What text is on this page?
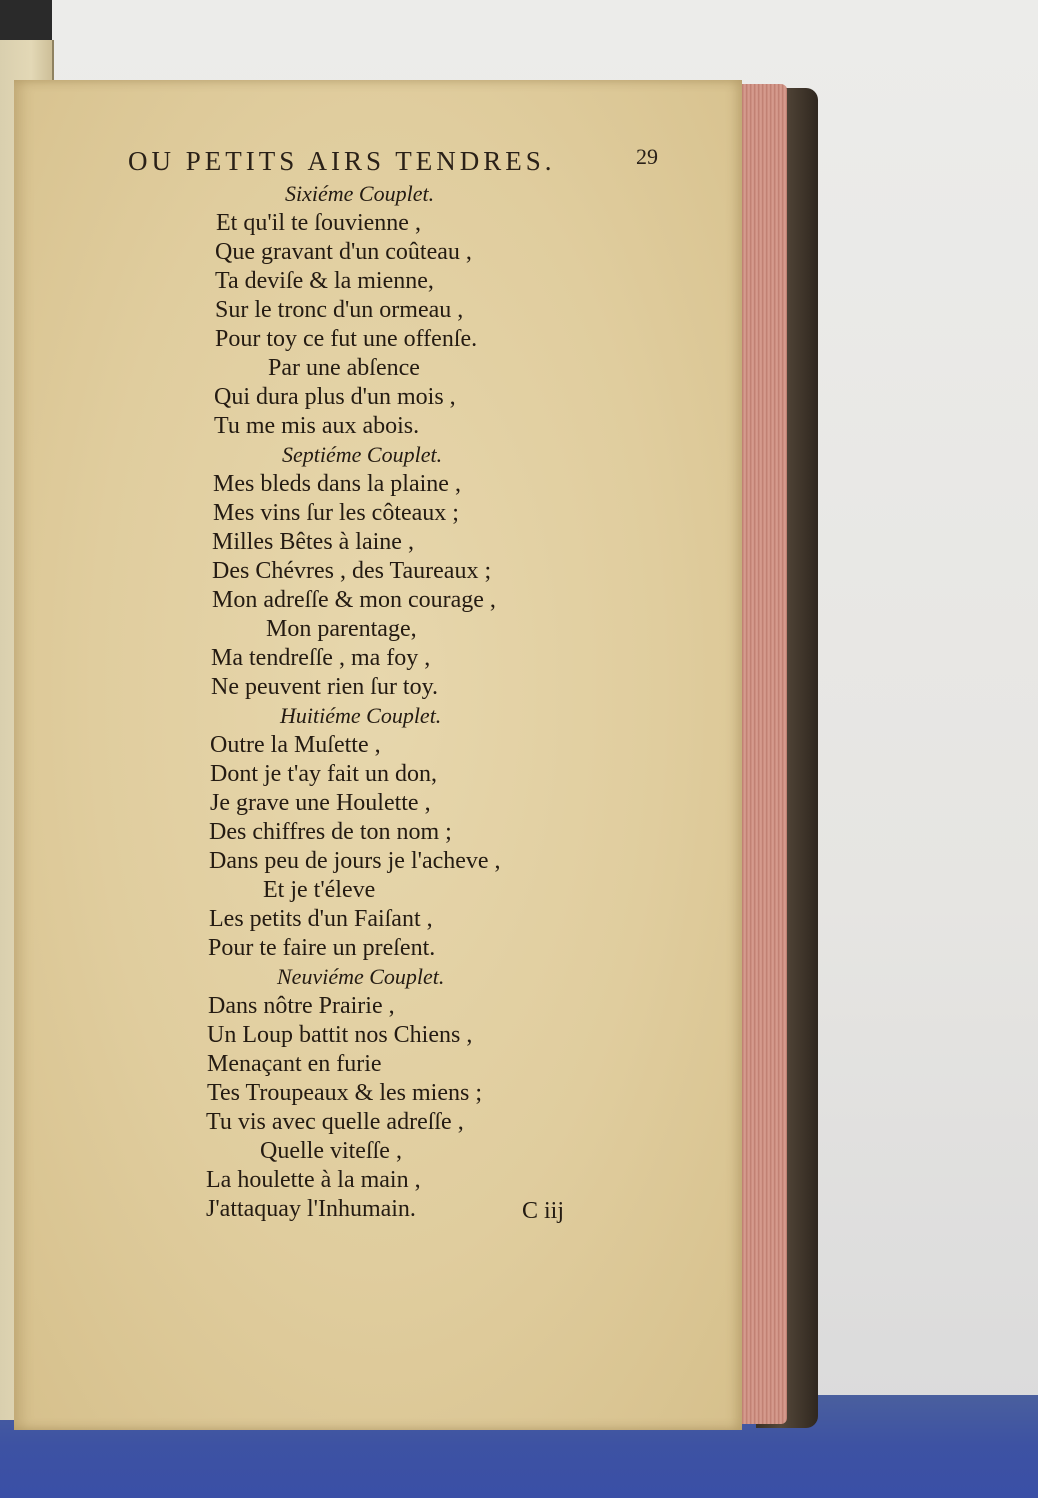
OU PETITS AIRS TENDRES.	29
Sixiéme Couplet.
Et qu'il te ſouvienne ,
Que gravant d'un coûteau ,
Ta deviſe & la mienne,
Sur le tronc d'un ormeau ,
Pour toy ce fut une offenſe.
Par une abſence
Qui dura plus d'un mois ,
Tu me mis aux abois.
Septiéme Couplet.
Mes bleds dans la plaine ,
Mes vins ſur les côteaux ;
Milles Bêtes à laine ,
Des Chévres , des Taureaux ;
Mon adreſſe & mon courage ,
Mon parentage,
Ma tendreſſe , ma foy ,
Ne peuvent rien ſur toy.
Huitiéme Couplet.
Outre la Muſette ,
Dont je t'ay fait un don,
Je grave une Houlette ,
Des chiffres de ton nom ;
Dans peu de jours je l'acheve ,
Et je t'éleve
Les petits d'un Faiſant ,
Pour te faire un preſent.
Neuviéme Couplet.
Dans nôtre Prairie ,
Un Loup battit nos Chiens ,
Menaçant en furie
Tes Troupeaux & les miens ;
Tu vis avec quelle adreſſe ,
Quelle viteſſe ,
La houlette à la main ,
J'attaquay l'Inhumain.	C iij
